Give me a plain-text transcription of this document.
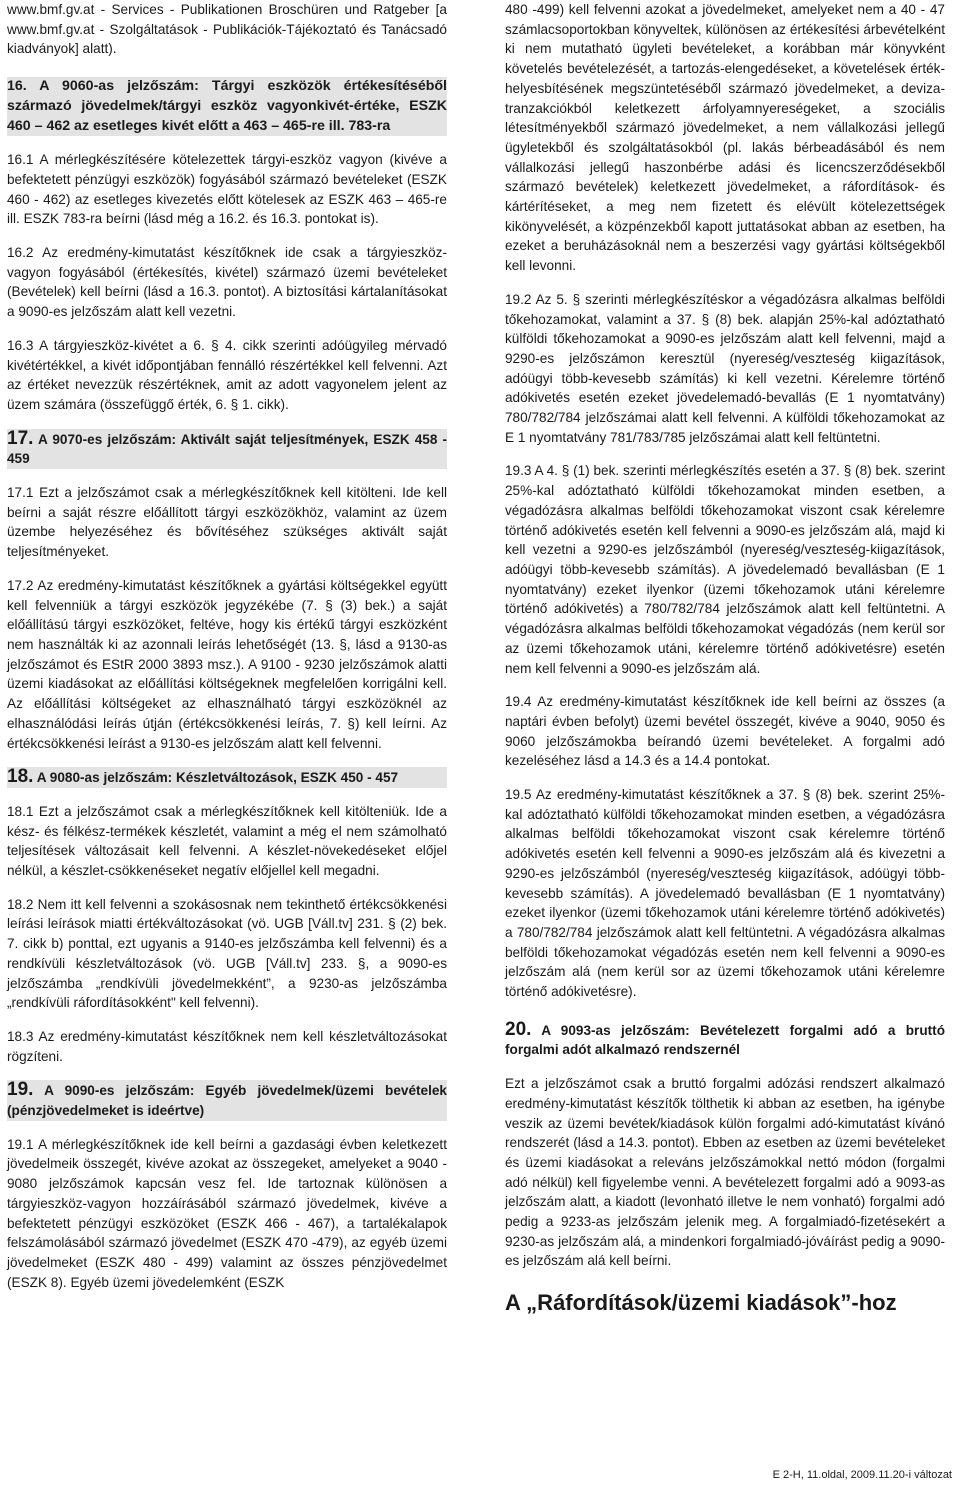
www.bmf.gv.at - Services - Publikationen Broschüren und Ratgeber [a www.bmf.gv.at - Szolgáltatások - Publikációk-Tájékoztató és Tanácsadó kiadványok] alatt).

16. A 9060-as jelzőszám: Tárgyi eszközök értékesítéséből származó jövedelmek/tárgyi eszköz vagyonkivét-értéke, ESZK 460 – 462 az esetleges kivét előtt a 463 – 465-re ill. 783-ra

16.1 A mérlegkészítésére kötelezettek tárgyi-eszköz vagyon (kivéve a befektetett pénzügyi eszközök) fogyásából származó bevételeket (ESZK 460 - 462) az esetleges kivezetés előtt kötelesek az ESZK 463 – 465-re ill. ESZK 783-ra beírni (lásd még a 16.2. és 16.3. pontokat is).

16.2 Az eredmény-kimutatást készítőknek ide csak a tárgyieszköz-vagyon fogyásából (értékesítés, kivétel) származó üzemi bevételeket (Bevételek) kell beírni (lásd a 16.3. pontot). A biztosítási kártalanításokat a 9090-es jelzőszám alatt kell vezetni.

16.3 A tárgyieszköz-kivétet a 6. § 4. cikk szerinti adóügyileg mérvadó kivétértékkel, a kivét időpontjában fennálló részértékkel kell felvenni. Azt az értéket nevezzük részértéknek, amit az adott vagyonelem jelent az üzem számára (összefüggő érték, 6. § 1. cikk).

17. A 9070-es jelzőszám: Aktivált saját teljesítmények, ESZK 458 - 459

17.1 Ezt a jelzőszámot csak a mérlegkészítőknek kell kitölteni. Ide kell beírni a saját részre előállított tárgyi eszközökhöz, valamint az üzem üzembe helyezéséhez és bővítéséhez szükséges aktivált saját teljesítményeket.

17.2 Az eredmény-kimutatást készítőknek a gyártási költségekkel együtt kell felvenniük a tárgyi eszközök jegyzékébe (7. § (3) bek.) a saját előállítású tárgyi eszközöket, feltéve, hogy kis értékű tárgyi eszközként nem használták ki az azonnali leírás lehetőségét (13. §, lásd a 9130-as jelzőszámot és EStR 2000 3893 msz.). A 9100 - 9230 jelzőszámok alatti üzemi kiadásokat az előállítási költségeknek megfelelően korrigálni kell. Az előállítási költségeket az elhasználható tárgyi eszközöknél az elhasználódási leírás útján (értékcsökkenési leírás, 7. §) kell leírni. Az értékcsökkenési leírást a 9130-es jelzőszám alatt kell felvenni.

18. A 9080-as jelzőszám: Készletváltozások, ESZK 450 - 457

18.1 Ezt a jelzőszámot csak a mérlegkészítőknek kell kitölteniük. Ide a kész- és félkész-termékek készletét, valamint a még el nem számolható teljesítések változásait kell felvenni. A készlet-növekedéseket előjel nélkül, a készlet-csökkenéseket negatív előjellel kell megadni.

18.2 Nem itt kell felvenni a szokásosnak nem tekinthető értékcsökkenési leírási leírások miatti értékváltozásokat (vö. UGB [Váll.tv] 231. § (2) bek. 7. cikk b) ponttal, ezt ugyanis a 9140-es jelzőszámba kell felvenni) és a rendkívüli készletváltozások (vö. UGB [Váll.tv] 233. §, a 9090-es jelzőszámba „rendkívüli jövedelmekként”, a 9230-as jelzőszámba „rendkívüli ráfordításokként" kell felvenni).

18.3 Az eredmény-kimutatást készítőknek nem kell készletváltozásokat rögzíteni.

19. A 9090-es jelzőszám: Egyéb jövedelmek/üzemi bevételek (pénzjövedelmeket is ideértve)

19.1 A mérlegkészítőknek ide kell beírni a gazdasági évben keletkezett jövedelmeik összegét, kivéve azokat az összegeket, amelyeket a 9040 - 9080 jelzőszámok kapcsán vesz fel. Ide tartoznak különösen a tárgyieszköz-vagyon hozzáírásából származó jövedelmek, kivéve a befektetett pénzügyi eszközöket (ESZK 466 - 467), a tartalékalapok felszámolásából származó jövedelmet (ESZK 470 -479), az egyéb üzemi jövedelmeket (ESZK 480 - 499) valamint az összes pénzjövedelmet (ESZK 8). Egyéb üzemi jövedelemként (ESZK

480 -499) kell felvenni azokat a jövedelmeket, amelyeket nem a 40 - 47 számlacsoportokban könyveltek, különösen az értékesítési árbevételként ki nem mutatható ügyleti bevételeket, a korábban már könyvként követelés bevételezését, a tartozás-elengedéseket, a követelések érték-helyesbítésének megszüntetéséből származó jövedelmeket, a deviza-tranzakciókból keletkezett árfolyamnyereségeket, a szociális létesítményekből származó jövedelmeket, a nem vállalkozási jellegű ügyletekből és szolgáltatásokból (pl. lakás bérbeadásából és nem vállalkozási jellegű haszonbérbe adási és licencszerződésekből származó bevételek) keletkezett jövedelmeket, a ráfordítások- és kártérítéseket, a meg nem fizetett és elévült kötelezettségek kikönyvelését, a közpénzekből kapott juttatásokat abban az esetben, ha ezeket a beruházásoknál nem a beszerzési vagy gyártási költségekből kell levonni.

19.2 Az 5. § szerinti mérlegkészítéskor a végadózásra alkalmas belföldi tőkehozamokat, valamint a 37. § (8) bek. alapján 25%-kal adóztatható külföldi tőkehozamokat a 9090-es jelzőszám alatt kell felvenni, majd a 9290-es jelzőszámon keresztül (nyereség/veszteség kiigazítások, adóügyi több-kevesebb számítás) ki kell vezetni. Kérelemre történő adókivetés esetén ezeket jövedelemadó-bevallás (E 1 nyomtatvány) 780/782/784 jelzőszámai alatt kell felvenni. A külföldi tőkehozamokat az E 1 nyomtatvány 781/783/785 jelzőszámai alatt kell feltüntetni.

19.3 A 4. § (1) bek. szerinti mérlegkészítés esetén a 37. § (8) bek. szerint 25%-kal adóztatható külföldi tőkehozamokat minden esetben, a végadózásra alkalmas belföldi tőkehozamokat viszont csak kérelemre történő adókivetés esetén kell felvenni a 9090-es jelzőszám alá, majd ki kell vezetni a 9290-es jelzőszámból (nyereség/veszteség-kiigazítások, adóügyi több-kevesebb számítás). A jövedelemadó bevallásban (E 1 nyomtatvány) ezeket ilyenkor (üzemi tőkehozamok utáni kérelemre történő adókivetés) a 780/782/784 jelzőszámok alatt kell feltüntetni. A végadózásra alkalmas belföldi tőkehozamokat végadózás (nem kerül sor az üzemi tőkehozamok utáni, kérelemre történő adókivetésre) esetén nem kell felvenni a 9090-es jelzőszám alá.

19.4 Az eredmény-kimutatást készítőknek ide kell beírni az összes (a naptári évben befolyt) üzemi bevétel összegét, kivéve a 9040, 9050 és 9060 jelzőszámokba beírandó üzemi bevételeket. A forgalmi adó kezeléséhez lásd a 14.3 és a 14.4 pontokat.

19.5 Az eredmény-kimutatást készítőknek a 37. § (8) bek. szerint 25%-kal adóztatható külföldi tőkehozamokat minden esetben, a végadózásra alkalmas belföldi tőkehozamokat viszont csak kérelemre történő adókivetés esetén kell felvenni a 9090-es jelzőszám alá és kivezetni a 9290-es jelzőszámból (nyereség/veszteség kiigazítások, adóügyi több-kevesebb számítás). A jövedelemadó bevallásban (E 1 nyomtatvány) ezeket ilyenkor (üzemi tőkehozamok utáni kérelemre történő adókivetés) a 780/782/784 jelzőszámok alatt kell feltüntetni. A végadózásra alkalmas belföldi tőkehozamokat végadózás esetén nem kell felvenni a 9090-es jelzőszám alá (nem kerül sor az üzemi tőkehozamok utáni kérelemre történő adókivetésre).

20. A 9093-as jelzőszám: Bevételezett forgalmi adó a bruttó forgalmi adót alkalmazó rendszernél

Ezt a jelzőszámot csak a bruttó forgalmi adózási rendszert alkalmazó eredmény-kimutatást készítők tölthetik ki abban az esetben, ha igénybe veszik az üzemi bevétek/kiadások külön forgalmi adó-kimutatást kívánó rendszerét (lásd a 14.3. pontot). Ebben az esetben az üzemi bevételeket és üzemi kiadásokat a releváns jelzőszámokkal nettó módon (forgalmi adó nélkül) kell figyelembe venni. A bevételezett forgalmi adó a 9093-as jelzőszám alatt, a kiadott (levonható illetve le nem vonható) forgalmi adó pedig a 9233-as jelzőszám jelenik meg. A forgalmiadó-fizetésekért a 9230-as jelzőszám alá, a mindenkori forgalmiadó-jóváírást pedig a 9090-es jelzőszám alá kell beírni.

A „Ráfordítások/üzemi kiadások”-hoz

E 2-H, 11.oldal, 2009.11.20-i változat
